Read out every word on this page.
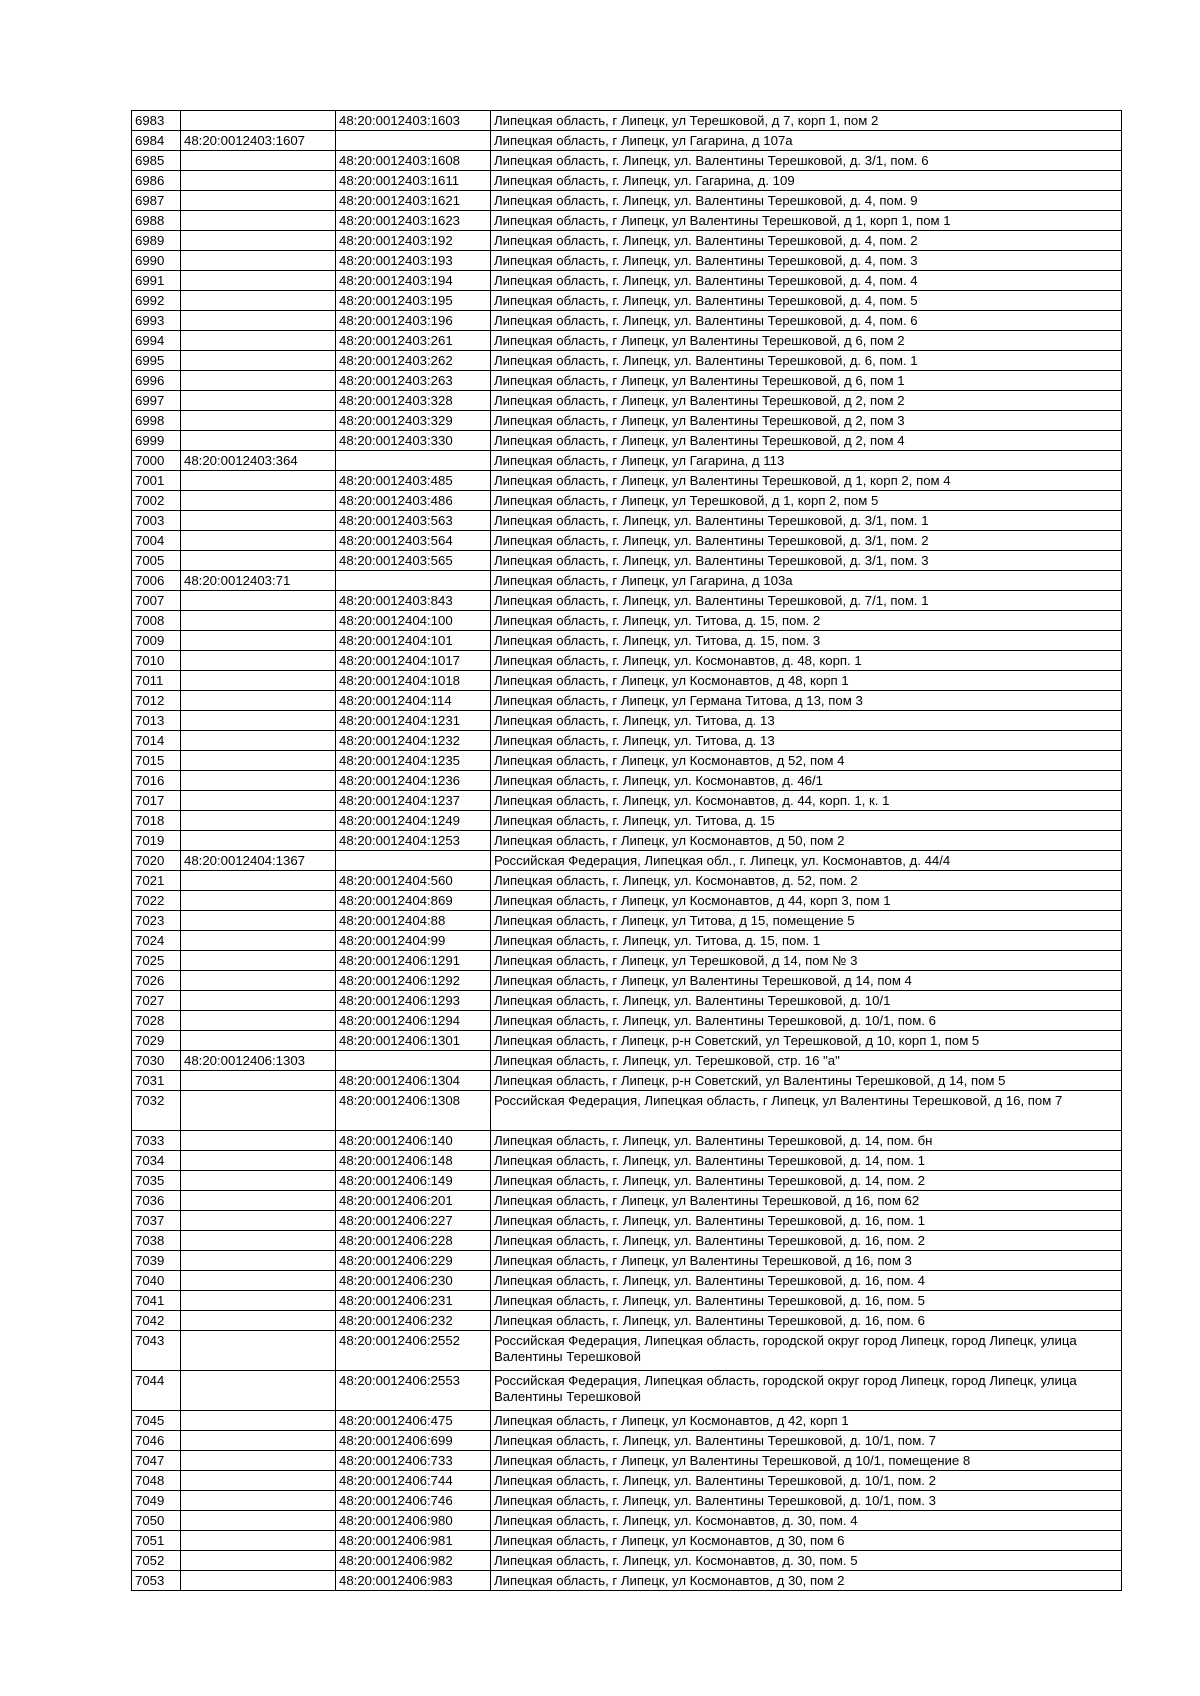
6983		48:20:0012403:1603	Липецкая область, г Липецк, ул Терешковой, д 7, корп 1, пом 2
6984	48:20:0012403:1607		Липецкая область, г Липецк, ул Гагарина, д 107а
6985		48:20:0012403:1608	Липецкая область, г. Липецк, ул. Валентины Терешковой, д. 3/1, пом. 6
6986		48:20:0012403:1611	Липецкая область, г. Липецк, ул. Гагарина, д. 109
6987		48:20:0012403:1621	Липецкая область, г. Липецк, ул. Валентины Терешковой, д. 4, пом. 9
6988		48:20:0012403:1623	Липецкая область, г Липецк, ул Валентины Терешковой, д 1, корп 1, пом 1
6989		48:20:0012403:192	Липецкая область, г. Липецк, ул. Валентины Терешковой, д. 4, пом. 2
6990		48:20:0012403:193	Липецкая область, г. Липецк, ул. Валентины Терешковой, д. 4, пом. 3
6991		48:20:0012403:194	Липецкая область, г. Липецк, ул. Валентины Терешковой, д. 4, пом. 4
6992		48:20:0012403:195	Липецкая область, г. Липецк, ул. Валентины Терешковой, д. 4, пом. 5
6993		48:20:0012403:196	Липецкая область, г. Липецк, ул. Валентины Терешковой, д. 4, пом. 6
6994		48:20:0012403:261	Липецкая область, г Липецк, ул Валентины Терешковой, д 6, пом 2
6995		48:20:0012403:262	Липецкая область, г. Липецк, ул. Валентины Терешковой, д. 6, пом. 1
6996		48:20:0012403:263	Липецкая область, г Липецк, ул Валентины Терешковой, д 6, пом 1
6997		48:20:0012403:328	Липецкая область, г Липецк, ул Валентины Терешковой, д 2, пом 2
6998		48:20:0012403:329	Липецкая область, г Липецк, ул Валентины Терешковой, д 2, пом 3
6999		48:20:0012403:330	Липецкая область, г Липецк, ул Валентины Терешковой, д 2, пом 4
7000	48:20:0012403:364		Липецкая область, г Липецк, ул Гагарина, д 113
7001		48:20:0012403:485	Липецкая область, г Липецк, ул Валентины Терешковой, д 1, корп 2, пом 4
7002		48:20:0012403:486	Липецкая область, г Липецк, ул Терешковой, д 1, корп 2, пом 5
7003		48:20:0012403:563	Липецкая область, г. Липецк, ул. Валентины Терешковой, д. 3/1, пом. 1
7004		48:20:0012403:564	Липецкая область, г. Липецк, ул. Валентины Терешковой, д. 3/1, пом. 2
7005		48:20:0012403:565	Липецкая область, г. Липецк, ул. Валентины Терешковой, д. 3/1, пом. 3
7006	48:20:0012403:71		Липецкая область, г Липецк, ул Гагарина, д 103а
7007		48:20:0012403:843	Липецкая область, г. Липецк, ул. Валентины Терешковой, д. 7/1, пом. 1
7008		48:20:0012404:100	Липецкая область, г. Липецк, ул. Титова, д. 15, пом. 2
7009		48:20:0012404:101	Липецкая область, г. Липецк, ул. Титова, д. 15, пом. 3
7010		48:20:0012404:1017	Липецкая область, г. Липецк, ул. Космонавтов, д. 48, корп. 1
7011		48:20:0012404:1018	Липецкая область, г Липецк, ул Космонавтов, д 48, корп 1
7012		48:20:0012404:114	Липецкая область, г Липецк, ул Германа Титова, д 13, пом 3
7013		48:20:0012404:1231	Липецкая область, г. Липецк, ул. Титова, д. 13
7014		48:20:0012404:1232	Липецкая область, г. Липецк, ул. Титова, д. 13
7015		48:20:0012404:1235	Липецкая область, г Липецк, ул Космонавтов, д 52, пом 4
7016		48:20:0012404:1236	Липецкая область, г. Липецк, ул. Космонавтов, д. 46/1
7017		48:20:0012404:1237	Липецкая область, г. Липецк, ул. Космонавтов, д. 44, корп. 1, к. 1
7018		48:20:0012404:1249	Липецкая область, г. Липецк, ул. Титова, д. 15
7019		48:20:0012404:1253	Липецкая область, г Липецк, ул Космонавтов, д 50, пом 2
7020	48:20:0012404:1367		Российская Федерация, Липецкая обл., г. Липецк, ул. Космонавтов, д. 44/4
7021		48:20:0012404:560	Липецкая область, г. Липецк, ул. Космонавтов, д. 52, пом. 2
7022		48:20:0012404:869	Липецкая область, г Липецк, ул Космонавтов, д 44, корп 3, пом 1
7023		48:20:0012404:88	Липецкая область, г Липецк, ул Титова, д 15, помещение 5
7024		48:20:0012404:99	Липецкая область, г. Липецк, ул. Титова, д. 15, пом. 1
7025		48:20:0012406:1291	Липецкая область, г Липецк, ул Терешковой, д 14, пом № 3
7026		48:20:0012406:1292	Липецкая область, г Липецк, ул Валентины Терешковой, д 14, пом 4
7027		48:20:0012406:1293	Липецкая область, г. Липецк, ул. Валентины Терешковой, д. 10/1
7028		48:20:0012406:1294	Липецкая область, г. Липецк, ул. Валентины Терешковой, д. 10/1, пом. 6
7029		48:20:0012406:1301	Липецкая область, г Липецк, р-н Советский, ул Терешковой, д 10, корп 1, пом 5
7030	48:20:0012406:1303		Липецкая область, г. Липецк, ул. Терешковой, стр. 16 "а"
7031		48:20:0012406:1304	Липецкая область, г Липецк, р-н Советский, ул Валентины Терешковой, д 14, пом 5
7032		48:20:0012406:1308	Российская Федерация, Липецкая область, г Липецк, ул Валентины Терешковой, д 16, пом 7
7033		48:20:0012406:140	Липецкая область, г. Липецк, ул. Валентины Терешковой, д. 14, пом. бн
7034		48:20:0012406:148	Липецкая область, г. Липецк, ул. Валентины Терешковой, д. 14, пом. 1
7035		48:20:0012406:149	Липецкая область, г. Липецк, ул. Валентины Терешковой, д. 14, пом. 2
7036		48:20:0012406:201	Липецкая область, г Липецк, ул Валентины Терешковой, д 16, пом 62
7037		48:20:0012406:227	Липецкая область, г. Липецк, ул. Валентины Терешковой, д. 16, пом. 1
7038		48:20:0012406:228	Липецкая область, г. Липецк, ул. Валентины Терешковой, д. 16, пом. 2
7039		48:20:0012406:229	Липецкая область, г Липецк, ул Валентины Терешковой, д 16, пом 3
7040		48:20:0012406:230	Липецкая область, г. Липецк, ул. Валентины Терешковой, д. 16, пом. 4
7041		48:20:0012406:231	Липецкая область, г. Липецк, ул. Валентины Терешковой, д. 16, пом. 5
7042		48:20:0012406:232	Липецкая область, г. Липецк, ул. Валентины Терешковой, д. 16, пом. 6
7043		48:20:0012406:2552	Российская Федерация, Липецкая область, городской округ город Липецк, город Липецк, улица Валентины Терешковой
7044		48:20:0012406:2553	Российская Федерация, Липецкая область, городской округ город Липецк, город Липецк, улица Валентины Терешковой
7045		48:20:0012406:475	Липецкая область, г Липецк, ул Космонавтов, д 42, корп 1
7046		48:20:0012406:699	Липецкая область, г. Липецк, ул. Валентины Терешковой, д. 10/1, пом. 7
7047		48:20:0012406:733	Липецкая область, г Липецк, ул Валентины Терешковой, д 10/1, помещение 8
7048		48:20:0012406:744	Липецкая область, г. Липецк, ул. Валентины Терешковой, д. 10/1, пом. 2
7049		48:20:0012406:746	Липецкая область, г. Липецк, ул. Валентины Терешковой, д. 10/1, пом. 3
7050		48:20:0012406:980	Липецкая область, г. Липецк, ул. Космонавтов, д. 30, пом. 4
7051		48:20:0012406:981	Липецкая область, г Липецк, ул Космонавтов, д 30, пом 6
7052		48:20:0012406:982	Липецкая область, г. Липецк, ул. Космонавтов, д. 30, пом. 5
7053		48:20:0012406:983	Липецкая область, г Липецк, ул Космонавтов, д 30, пом 2
